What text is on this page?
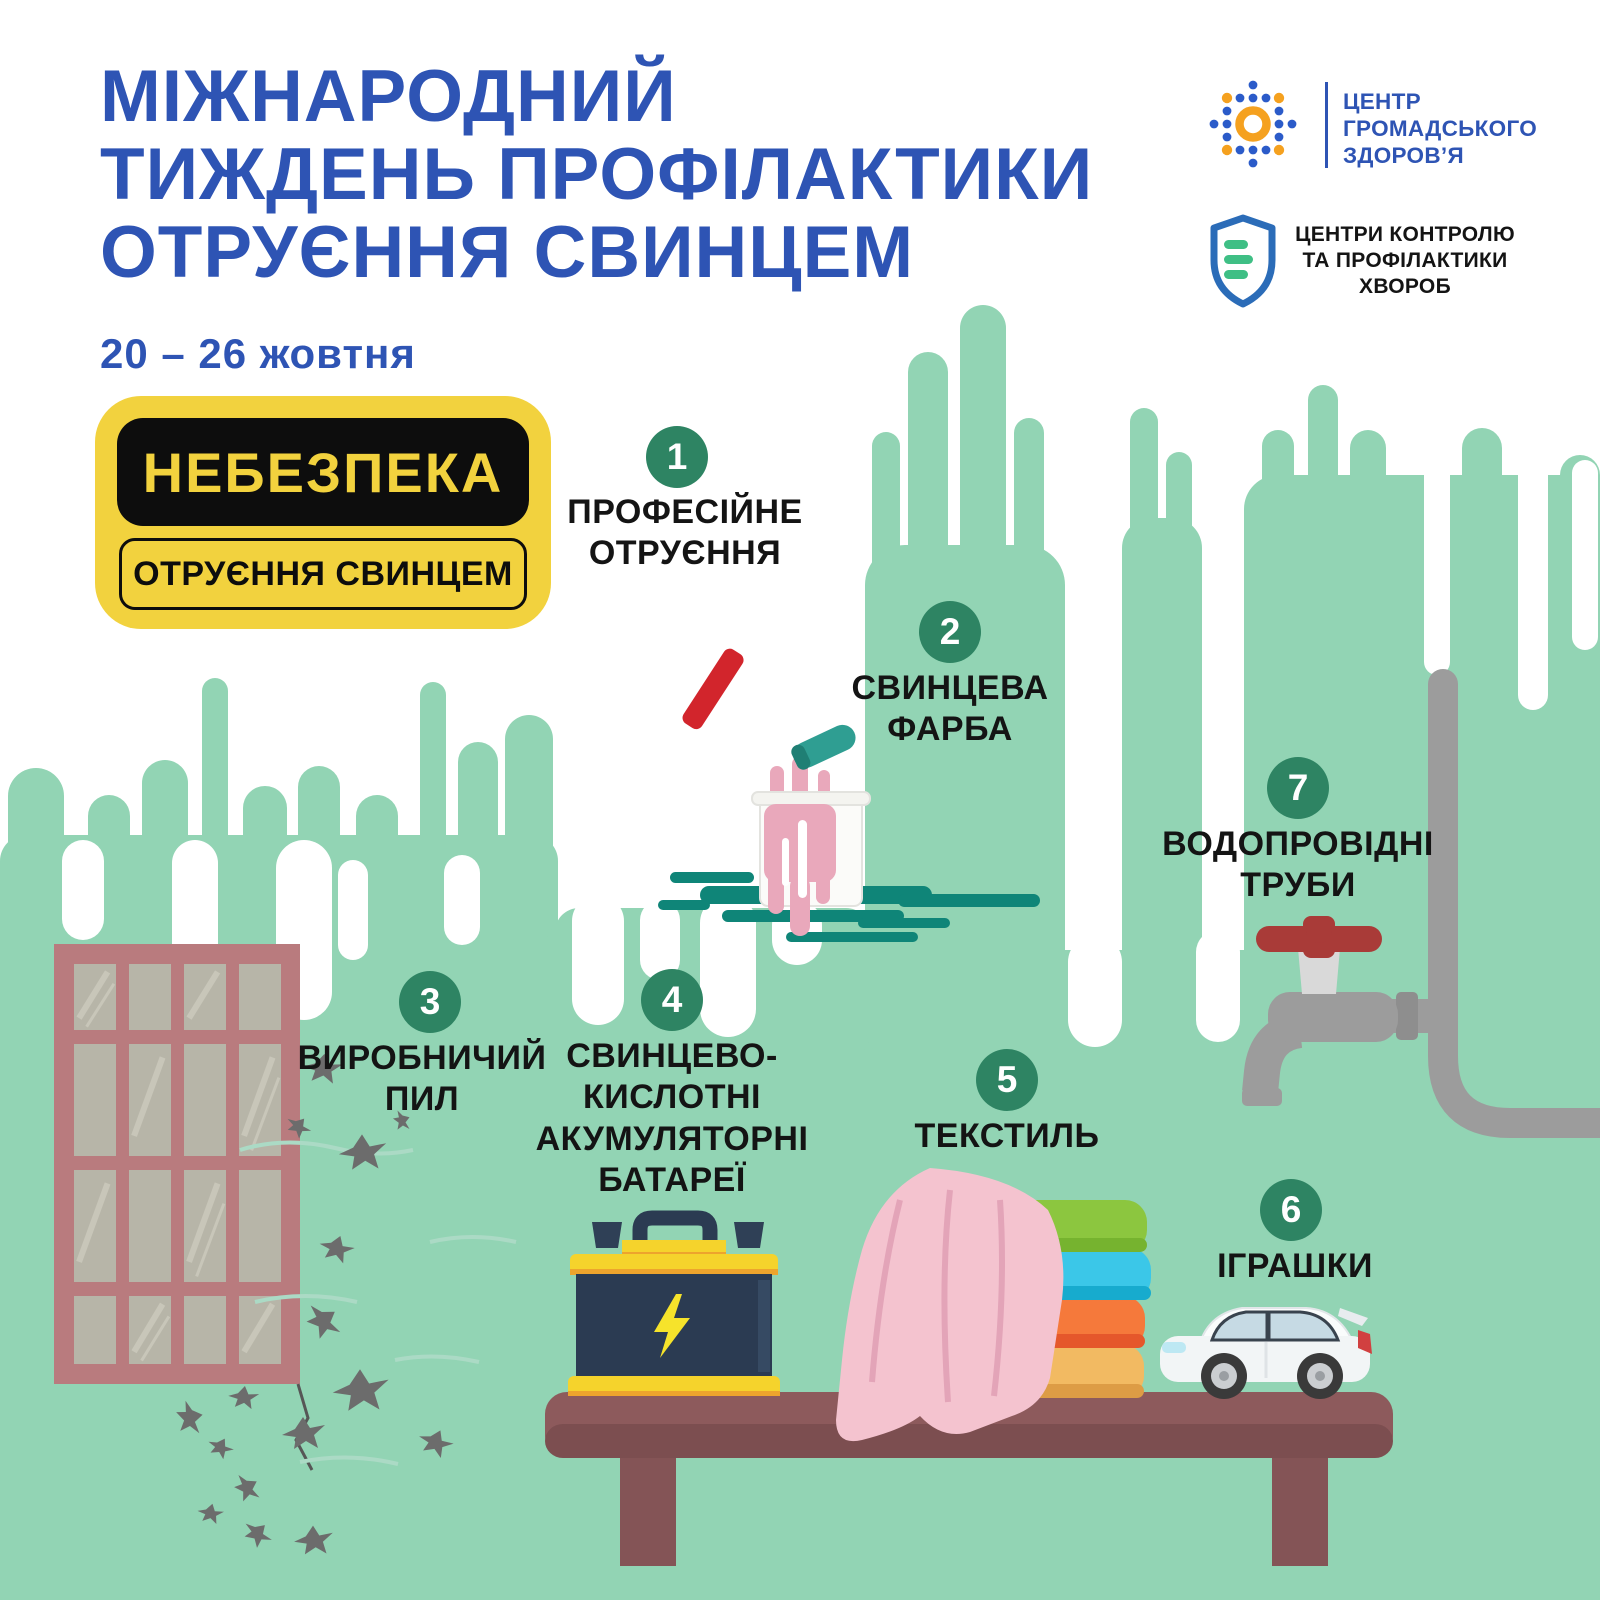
МІЖНАРОДНИЙ
ТИЖДЕНЬ ПРОФІЛАКТИКИ
ОТРУЄННЯ СВИНЦЕМ
20 – 26 жовтня
НЕБЕЗПЕКА
ОТРУЄННЯ СВИНЦЕМ
ЦЕНТР
ГРОМАДСЬКОГО
ЗДОРОВ’Я
ЦЕНТРИ КОНТРОЛЮ
ТА ПРОФІЛАКТИКИ
ХВОРОБ
1
ПРОФЕСІЙНЕ
ОТРУЄННЯ
2
СВИНЦЕВА
ФАРБА
3
ВИРОБНИЧИЙ
ПИЛ
4
СВИНЦЕВО-
КИСЛОТНІ
АКУМУЛЯТОРНІ
БАТАРЕЇ
5
ТЕКСТИЛЬ
6
ІГРАШКИ
7
ВОДОПРОВІДНІ
ТРУБИ
